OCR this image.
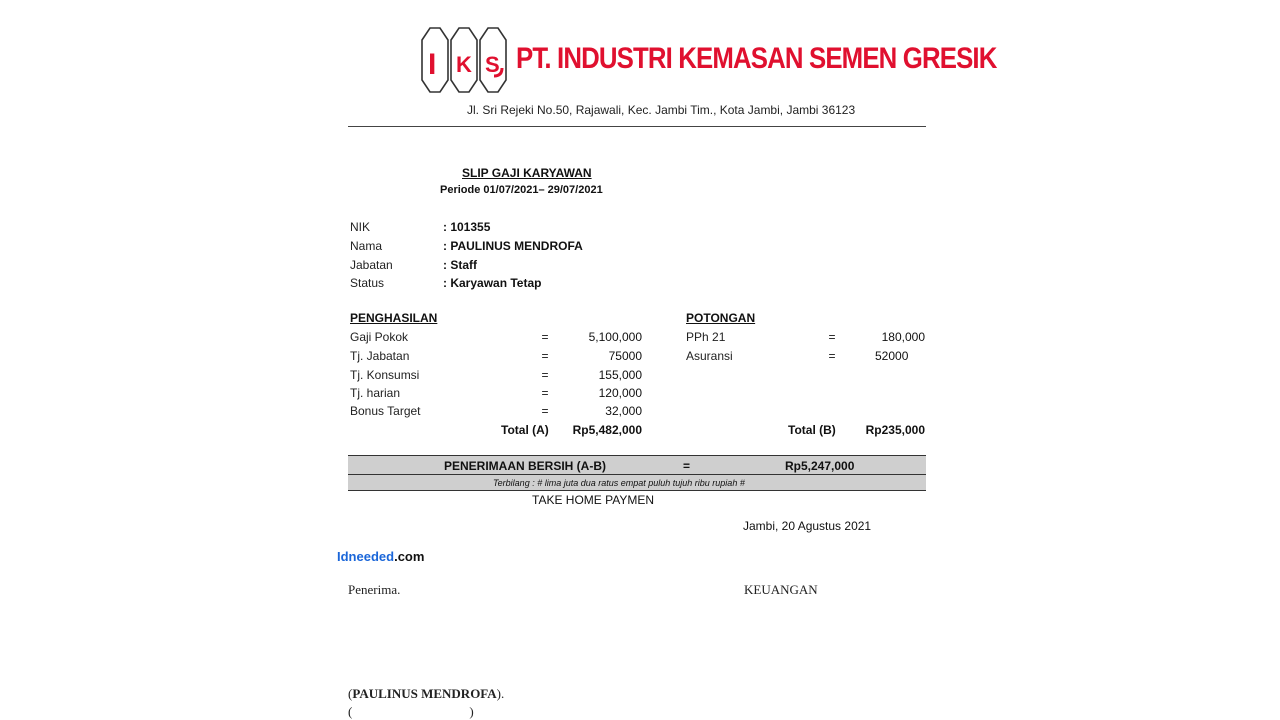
I K S PT. INDUSTRI KEMASAN SEMEN GRESIK
Jl. Sri Rejeki No.50, Rajawali, Kec. Jambi Tim., Kota Jambi, Jambi 36123
SLIP GAJI KARYAWAN
Periode 01/07/2021– 29/07/2021
NIK	: 101355
Nama	: PAULINUS MENDROFA
Jabatan	: Staff
Status	: Karyawan Tetap
PENGHASILAN
Gaji Pokok	=	5,100,000
Tj. Jabatan	=	75000
Tj. Konsumsi	=	155,000
Tj. harian	=	120,000
Bonus Target	=	32,000
Total (A)	Rp5,482,000
POTONGAN
PPh 21	=	180,000
Asuransi	=	52000
Total (B)	Rp235,000
PENERIMAAN BERSIH (A-B)	=	Rp5,247,000
Terbilang : # lima juta dua ratus empat puluh tujuh ribu rupiah #
TAKE HOME PAYMEN
Jambi, 20 Agustus 2021
Idneeded.com
Penerima.	KEUANGAN
(PAULINUS MENDROFA).
(                                    )
